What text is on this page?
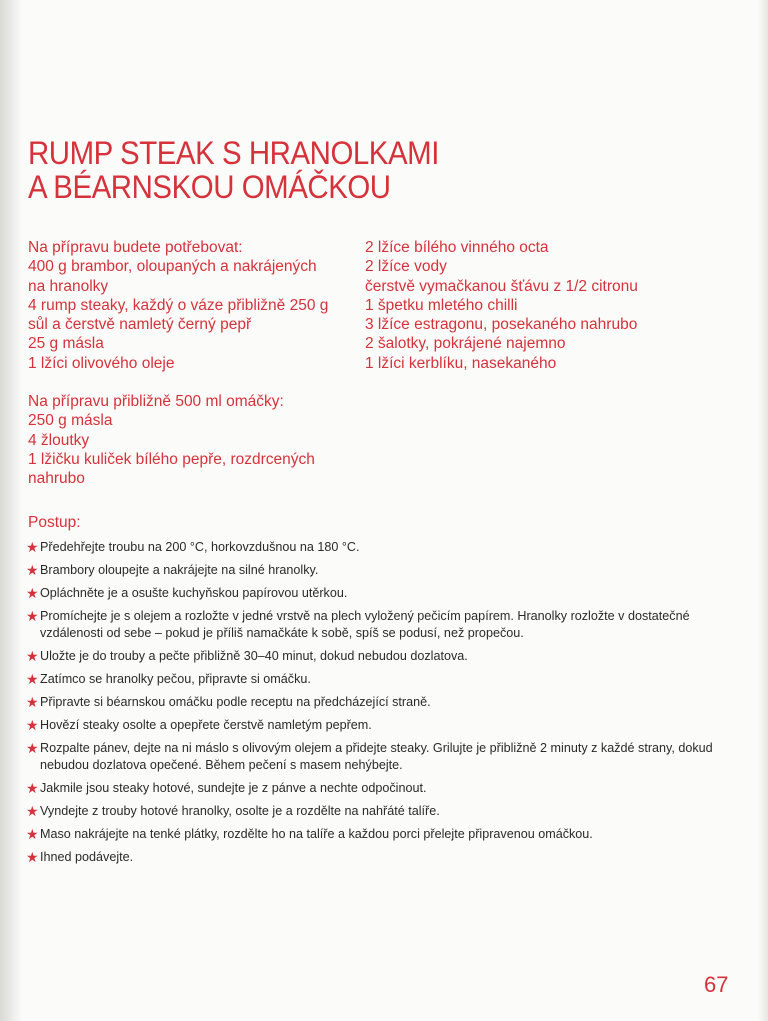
RUMP STEAK S HRANOLKAMI
A BÉARNSKOU OMÁČKOU
Na přípravu budete potřebovat:
400 g brambor, oloupaných a nakrájených
na hranolky
4 rump steaky, každý o váze přibližně 250 g
sůl a čerstvě namletý černý pepř
25 g másla
1 lžíci olivového oleje
Na přípravu přibližně 500 ml omáčky:
250 g másla
4 žloutky
1 lžičku kuliček bílého pepře, rozdrcených
nahrubo
2 lžíce bílého vinného octa
2 lžíce vody
čerstvě vymačkanou šťávu z 1/2 citronu
1 špetku mletého chilli
3 lžíce estragonu, posekaného nahrubo
2 šalotky, pokrájené najemno
1 lžíci kerblíku, nasekaného
Postup:
★ Předehřejte troubu na 200 °C, horkovzdušnou na 180 °C.
★ Brambory oloupejte a nakrájejte na silné hranolky.
★ Opláchněte je a osušte kuchyňskou papírovou utěrkou.
★ Promíchejte je s olejem a rozložte v jedné vrstvě na plech vyložený pečicím papírem. Hranolky rozložte v dostatečné vzdálenosti od sebe – pokud je příliš namačkáte k sobě, spíš se podusí, než propečou.
★ Uložte je do trouby a pečte přibližně 30–40 minut, dokud nebudou dozlatova.
★ Zatímco se hranolky pečou, připravte si omáčku.
★ Připravte si béarnskou omáčku podle receptu na předcházející straně.
★ Hovězí steaky osolte a opepřete čerstvě namletým pepřem.
★ Rozpalte pánev, dejte na ni máslo s olivovým olejem a přidejte steaky. Grilujte je přibližně 2 minuty z každé strany, dokud nebudou dozlatova opečené. Během pečení s masem nehýbejte.
★ Jakmile jsou steaky hotové, sundejte je z pánve a nechte odpočinout.
★ Vyndejte z trouby hotové hranolky, osolte je a rozdělte na nahřáté talíře.
★ Maso nakrájejte na tenké plátky, rozdělte ho na talíře a každou porci přelejte připravenou omáčkou.
★ Ihned podávejte.
67
